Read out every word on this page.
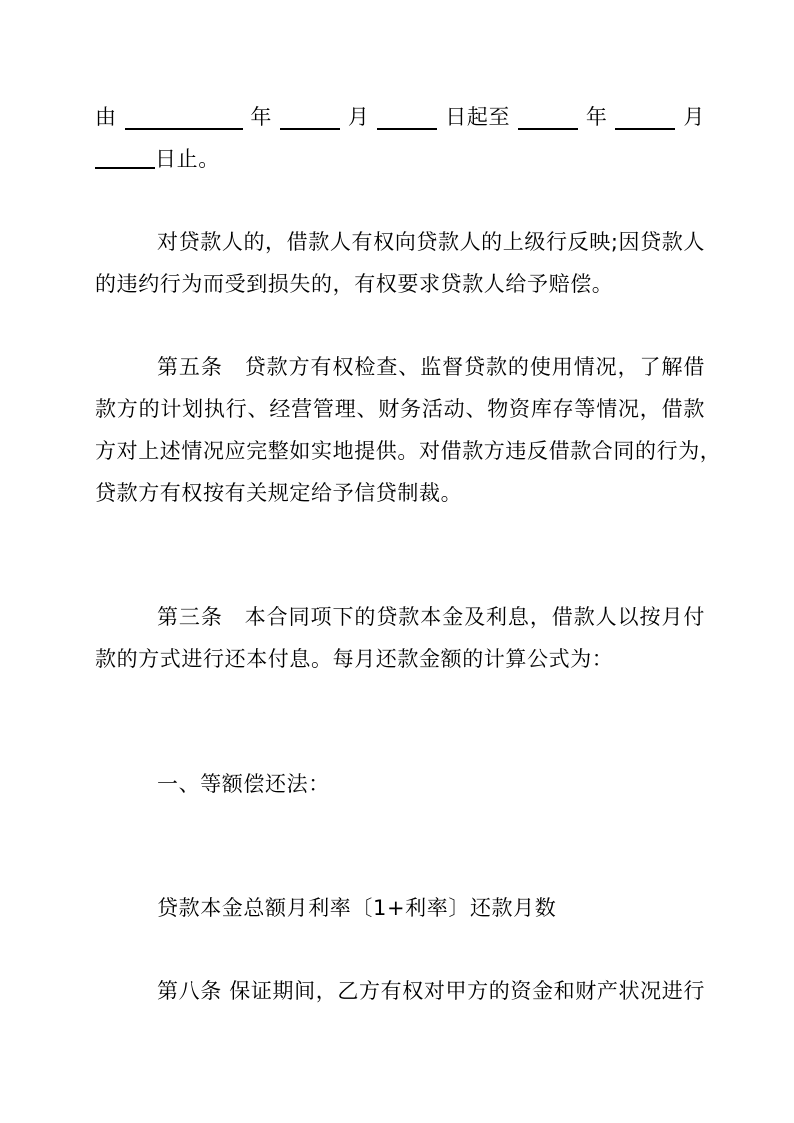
由	年	月	日起至	年	月
日止。
对贷款人的，借款人有权向贷款人的上级行反映;因贷款人
的违约行为而受到损失的，有权要求贷款人给予赔偿。
第五条　贷款方有权检查、监督贷款的使用情况，了解借
款方的计划执行、经营管理、财务活动、物资库存等情况，借款
方对上述情况应完整如实地提供。对借款方违反借款合同的行为，
贷款方有权按有关规定给予信贷制裁。
第三条　本合同项下的贷款本金及利息，借款人以按月付
款的方式进行还本付息。每月还款金额的计算公式为：
一、等额偿还法：
贷款本金总额月利率〔1+利率〕还款月数
第八条 保证期间，乙方有权对甲方的资金和财产状况进行
